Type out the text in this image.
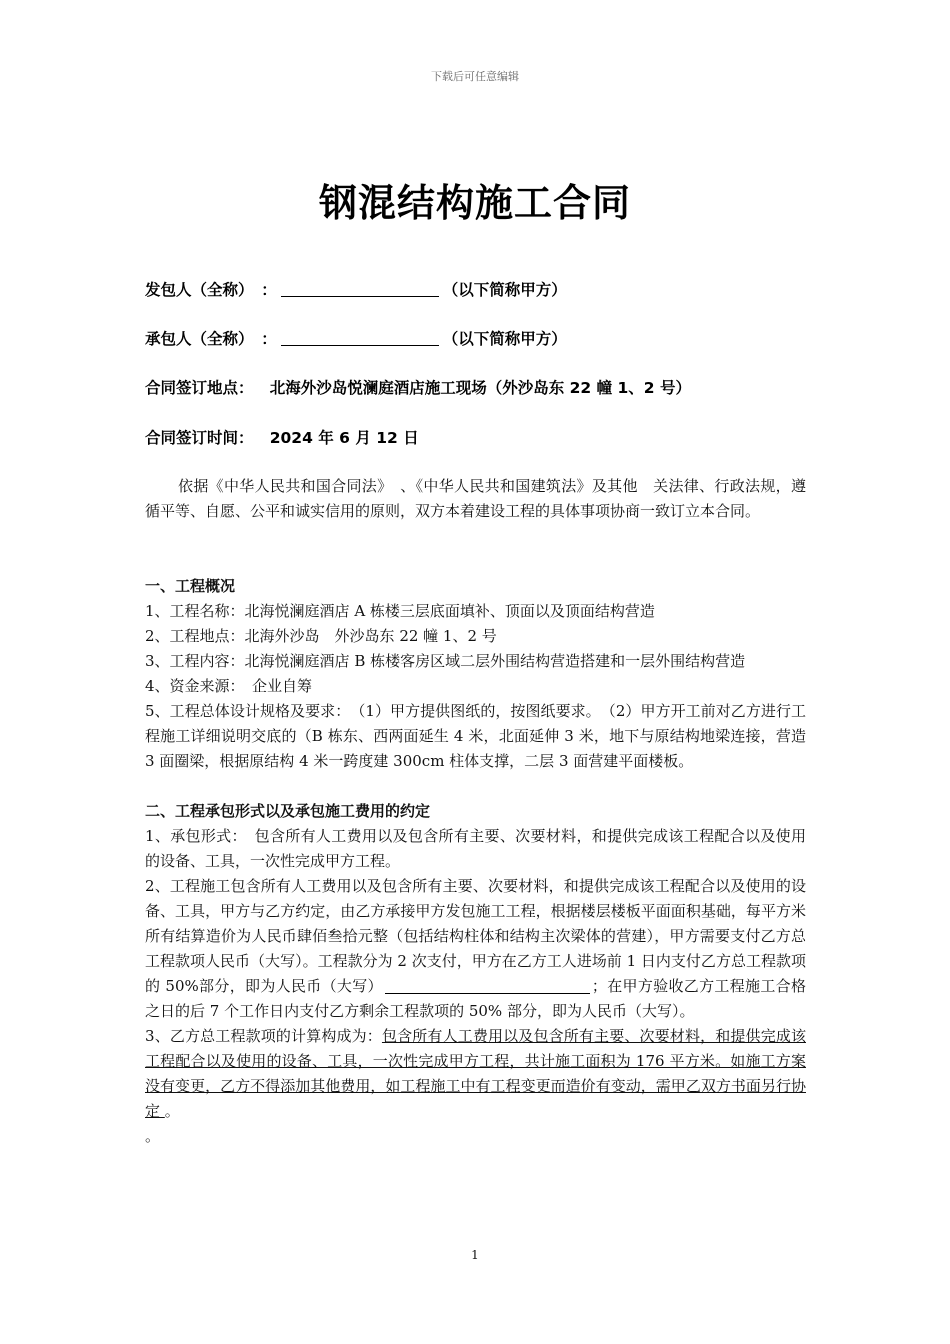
下载后可任意编辑
钢混结构施工合同
发包人（全称）　：	（以下简称甲方）
承包人（全称）　：	（以下简称甲方）
合同签订地点： 北海外沙岛悦澜庭酒店施工现场（外沙岛东 22 幢 1、2 号）
合同签订时间： 2024 年 6 月 12 日
依据《中华人民共和国合同法》　、《中华人民共和国建筑法》及其他　关法律、行政法规，遵循平等、自愿、公平和诚实信用的原则，双方本着建设工程的具体事项协商一致订立本合同。
一、工程概况
1、工程名称：北海悦澜庭酒店 A 栋楼三层底面填补、顶面以及顶面结构营造
2、工程地点：北海外沙岛　外沙岛东 22 幢 1、2 号
3、工程内容：北海悦澜庭酒店 B 栋楼客房区域二层外围结构营造搭建和一层外围结构营造
4、资金来源：　企业自筹
5、工程总体设计规格及要求：　（1）甲方提供图纸的，按图纸要求。　（2）甲方开工前对乙方进行工程施工详细说明交底的（B 栋东、西两面延生 4 米，北面延伸 3 米，地下与原结构地梁连接，营造 3 面圈梁，根据原结构 4 米一跨度建 300cm 柱体支撑，二层 3 面营建平面楼板。
二、工程承包形式以及承包施工费用的约定
1、承包形式：　包含所有人工费用以及包含所有主要、次要材料，和提供完成该工程配合以及使用的设备、工具，一次性完成甲方工程。
2、工程施工包含所有人工费用以及包含所有主要、次要材料，和提供完成该工程配合以及使用的设备、工具，甲方与乙方约定，由乙方承接甲方发包施工工程，根据楼层楼板平面面积基础，每平方米所有结算造价为人民币肆佰叁拾元整（包括结构柱体和结构主次梁体的营建），甲方需要支付乙方总工程款项人民币（大写）。工程款分为 2 次支付，甲方在乙方工人进场前 1 日内支付乙方总工程款项的 50%部分，即为人民币（大写）	；在甲方验收乙方工程施工合格之日的后 7 个工作日内支付乙方剩余工程款项的 50% 部分，即为人民币（大写）。
3、乙方总工程款项的计算构成为：包含所有人工费用以及包含所有主要、次要材料，和提供完成该工程配合以及使用的设备、工具，一次性完成甲方工程，共计施工面积为 176 平方米。如施工方案没有变更，乙方不得添加其他费用，如工程施工中有工程变更而造价有变动，需甲乙双方书面另行协定 。
。
1
